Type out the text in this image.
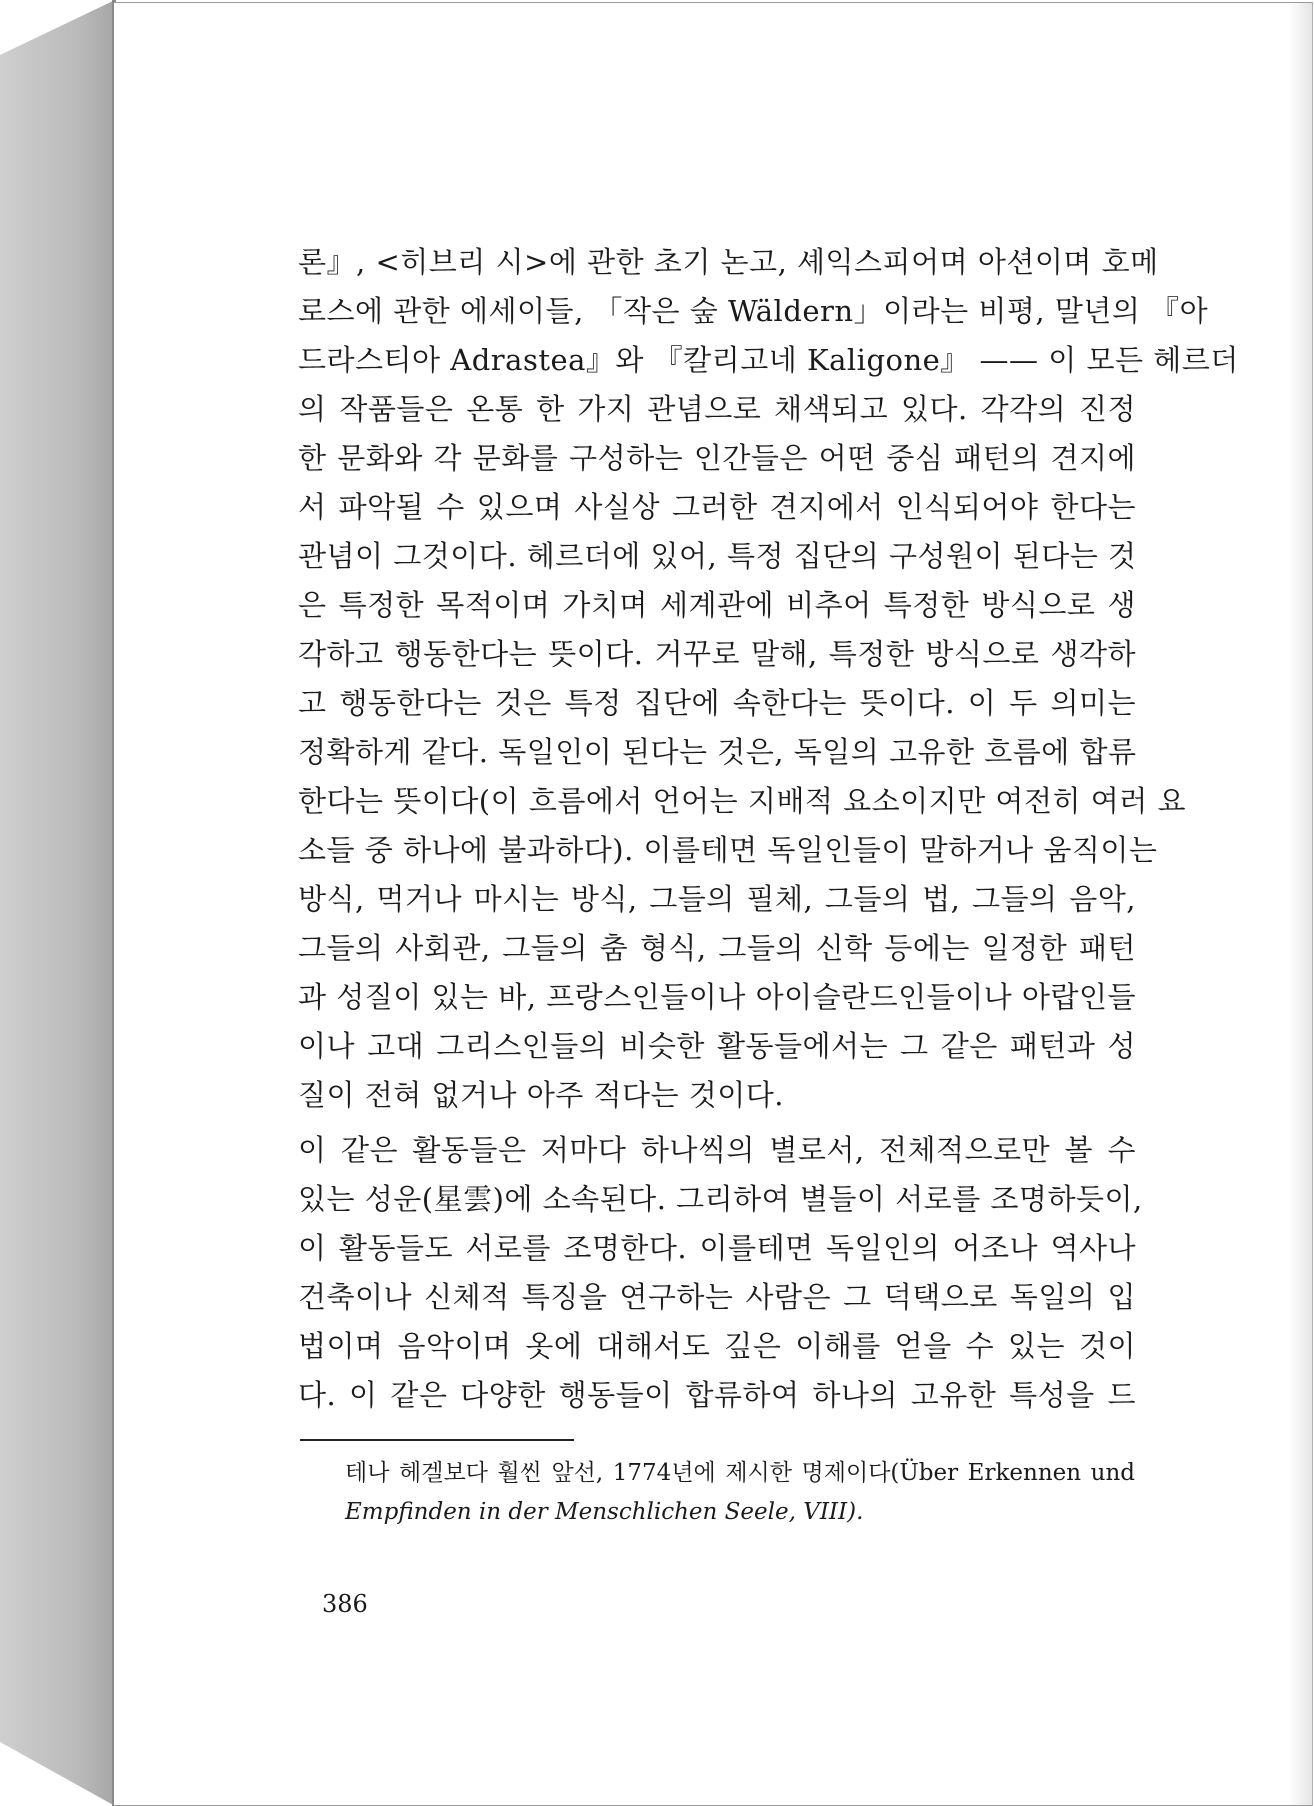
론』, <히브리 시>에 관한 초기 논고, 셰익스피어며 아션이며 호메
로스에 관한 에세이들, 「작은 숲 Wäldern」이라는 비평, 말년의 『아
드라스티아 Adrastea』와 『칼리고네 Kaligone』 —— 이 모든 헤르더
의 작품들은 온통 한 가지 관념으로 채색되고 있다. 각각의 진정
한 문화와 각 문화를 구성하는 인간들은 어떤 중심 패턴의 견지에
서 파악될 수 있으며 사실상 그러한 견지에서 인식되어야 한다는
관념이 그것이다. 헤르더에 있어, 특정 집단의 구성원이 된다는 것
은 특정한 목적이며 가치며 세계관에 비추어 특정한 방식으로 생
각하고 행동한다는 뜻이다. 거꾸로 말해, 특정한 방식으로 생각하
고 행동한다는 것은 특정 집단에 속한다는 뜻이다. 이 두 의미는
정확하게 같다. 독일인이 된다는 것은, 독일의 고유한 흐름에 합류
한다는 뜻이다(이 흐름에서 언어는 지배적 요소이지만 여전히 여러 요
소들 중 하나에 불과하다). 이를테면 독일인들이 말하거나 움직이는
방식, 먹거나 마시는 방식, 그들의 필체, 그들의 법, 그들의 음악,
그들의 사회관, 그들의 춤 형식, 그들의 신학 등에는 일정한 패턴
과 성질이 있는 바, 프랑스인들이나 아이슬란드인들이나 아랍인들
이나 고대 그리스인들의 비슷한 활동들에서는 그 같은 패턴과 성
질이 전혀 없거나 아주 적다는 것이다.
이 같은 활동들은 저마다 하나씩의 별로서, 전체적으로만 볼 수
있는 성운(星雲)에 소속된다. 그리하여 별들이 서로를 조명하듯이,
이 활동들도 서로를 조명한다. 이를테면 독일인의 어조나 역사나
건축이나 신체적 특징을 연구하는 사람은 그 덕택으로 독일의 입
법이며 음악이며 옷에 대해서도 깊은 이해를 얻을 수 있는 것이
다. 이 같은 다양한 행동들이 합류하여 하나의 고유한 특성을 드
테나 헤겔보다 훨씬 앞선, 1774년에 제시한 명제이다(Über Erkennen und
Empfinden in der Menschlichen Seele, VIII).
386
